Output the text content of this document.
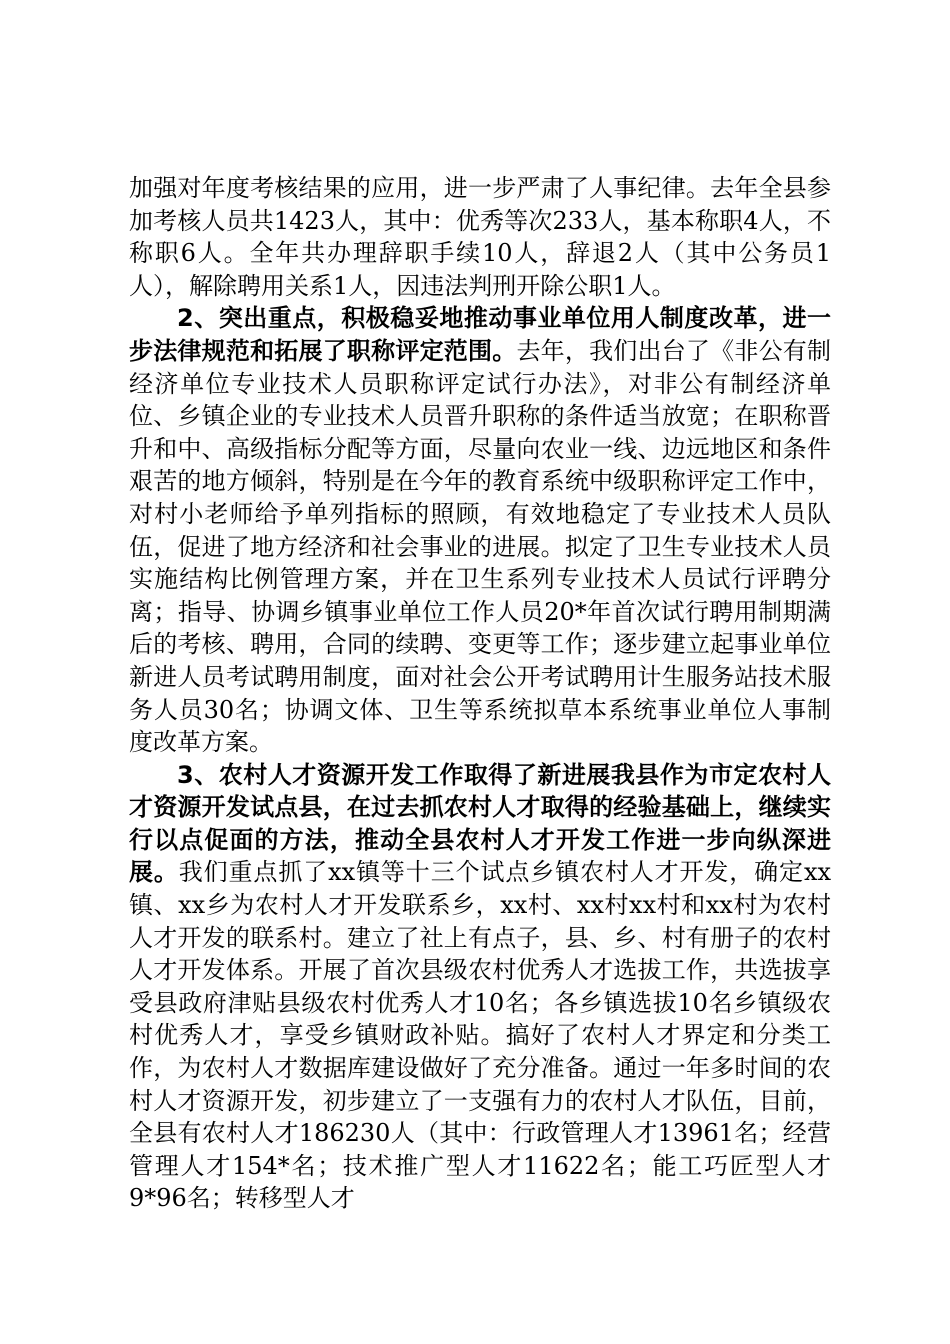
加强对年度考核结果的应用，进一步严肃了人事纪律。去年全县参加考核人员共1423人，其中：优秀等次233人，基本称职4人，不称职6人。全年共办理辞职手续10人，辞退2人（其中公务员1人），解除聘用关系1人，因违法判刑开除公职1人。

2、突出重点，积极稳妥地推动事业单位用人制度改革，进一步法律规范和拓展了职称评定范围。去年，我们出台了《非公有制经济单位专业技术人员职称评定试行办法》，对非公有制经济单位、乡镇企业的专业技术人员晋升职称的条件适当放宽；在职称晋升和中、高级指标分配等方面，尽量向农业一线、边远地区和条件艰苦的地方倾斜，特别是在今年的教育系统中级职称评定工作中，对村小老师给予单列指标的照顾，有效地稳定了专业技术人员队伍，促进了地方经济和社会事业的进展。拟定了卫生专业技术人员实施结构比例管理方案，并在卫生系列专业技术人员试行评聘分离；指导、协调乡镇事业单位工作人员20*年首次试行聘用制期满后的考核、聘用，合同的续聘、变更等工作；逐步建立起事业单位新进人员考试聘用制度，面对社会公开考试聘用计生服务站技术服务人员30名；协调文体、卫生等系统拟草本系统事业单位人事制度改革方案。

3、农村人才资源开发工作取得了新进展我县作为市定农村人才资源开发试点县，在过去抓农村人才取得的经验基础上，继续实行以点促面的方法，推动全县农村人才开发工作进一步向纵深进展。我们重点抓了xx镇等十三个试点乡镇农村人才开发，确定xx镇、xx乡为农村人才开发联系乡，xx村、xx村xx村和xx村为农村人才开发的联系村。建立了社上有点子，县、乡、村有册子的农村人才开发体系。开展了首次县级农村优秀人才选拔工作，共选拔享受县政府津贴县级农村优秀人才10名；各乡镇选拔10名乡镇级农村优秀人才，享受乡镇财政补贴。搞好了农村人才界定和分类工作，为农村人才数据库建设做好了充分准备。通过一年多时间的农村人才资源开发，初步建立了一支强有力的农村人才队伍，目前，全县有农村人才186230人（其中：行政管理人才13961名；经营管理人才154*名；技术推广型人才11622名；能工巧匠型人才9*96名；转移型人才
